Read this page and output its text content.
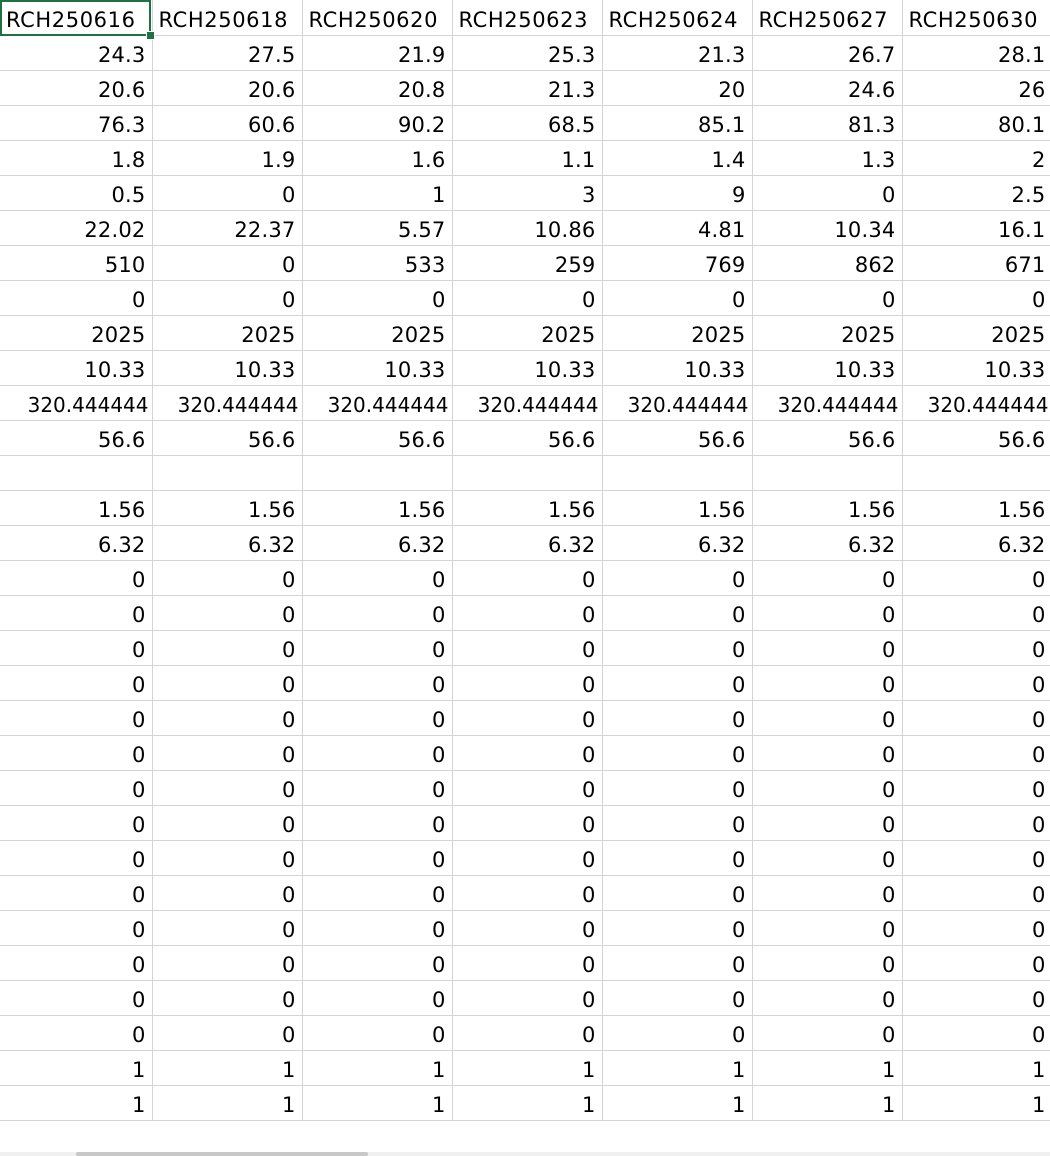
RCH250616	RCH250618	RCH250620	RCH250623	RCH250624	RCH250627	RCH250630
24.3	27.5	21.9	25.3	21.3	26.7	28.1
20.6	20.6	20.8	21.3	20	24.6	26
76.3	60.6	90.2	68.5	85.1	81.3	80.1
1.8	1.9	1.6	1.1	1.4	1.3	2
0.5	0	1	3	9	0	2.5
22.02	22.37	5.57	10.86	4.81	10.34	16.1
510	0	533	259	769	862	671
0	0	0	0	0	0	0
2025	2025	2025	2025	2025	2025	2025
10.33	10.33	10.33	10.33	10.33	10.33	10.33
320.444444	320.444444	320.444444	320.444444	320.444444	320.444444	320.444444
56.6	56.6	56.6	56.6	56.6	56.6	56.6

1.56	1.56	1.56	1.56	1.56	1.56	1.56
6.32	6.32	6.32	6.32	6.32	6.32	6.32
0	0	0	0	0	0	0
0	0	0	0	0	0	0
0	0	0	0	0	0	0
0	0	0	0	0	0	0
0	0	0	0	0	0	0
0	0	0	0	0	0	0
0	0	0	0	0	0	0
0	0	0	0	0	0	0
0	0	0	0	0	0	0
0	0	0	0	0	0	0
0	0	0	0	0	0	0
0	0	0	0	0	0	0
0	0	0	0	0	0	0
0	0	0	0	0	0	0
1	1	1	1	1	1	1
1	1	1	1	1	1	1
